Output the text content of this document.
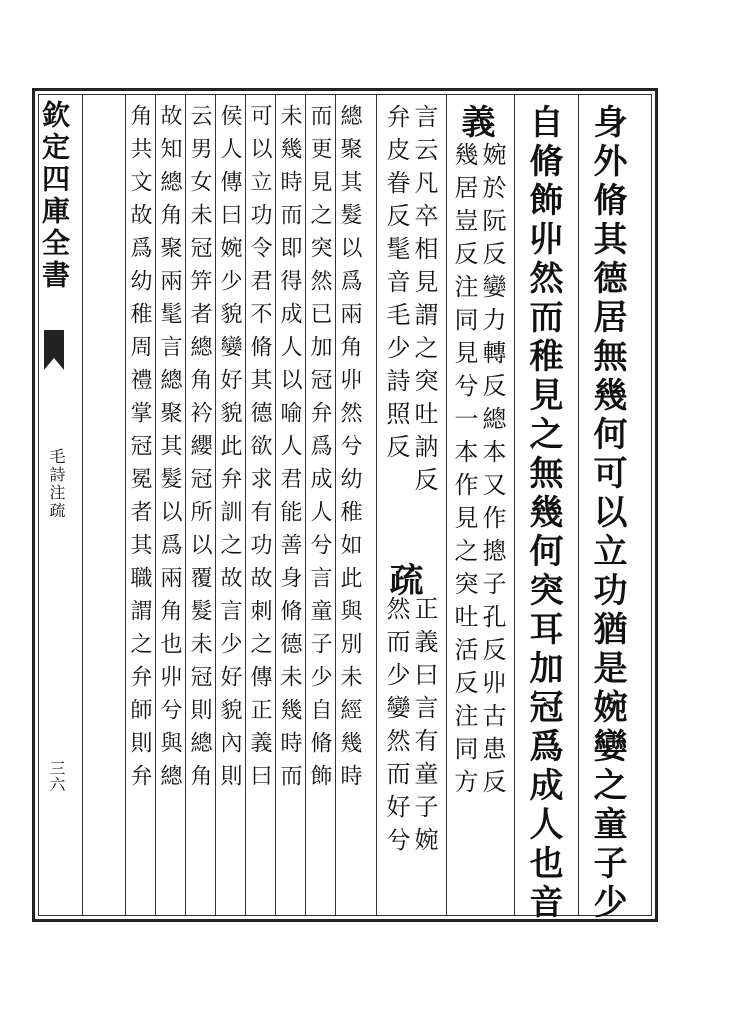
欽定四庫全書
毛詩注疏
三六	身外脩其德居無幾何可以立功猶是婉孌之童子少
自脩飾丱然而稚見之無幾何突耳加冠爲成人也音
義
婉於阮反孌力轉反總本又作摠子孔反丱古患反
幾居豈反注同見兮一本作見之突吐活反注同方
言云凡卒相見謂之突吐訥反
疏
正義曰言有童子婉
弁皮眷反髦音毛少詩照反
然而少孌然而好兮
總聚其髮以爲兩角丱然兮幼稚如此與別未經幾時
而更見之突然已加冠弁爲成人兮言童子少自脩飾
未幾時而即得成人以喻人君能善身脩德未幾時而
可以立功令君不脩其德欲求有功故刺之傳正義曰
侯人傳曰婉少貌孌好貌此弁訓之故言少好貌內則
云男女未冠笄者總角衿纓冠所以覆髮未冠則總角
故知總角聚兩髦言總聚其髮以爲兩角也丱兮與總
角共文故爲幼稚周禮掌冠冕者其職謂之弁師則弁
